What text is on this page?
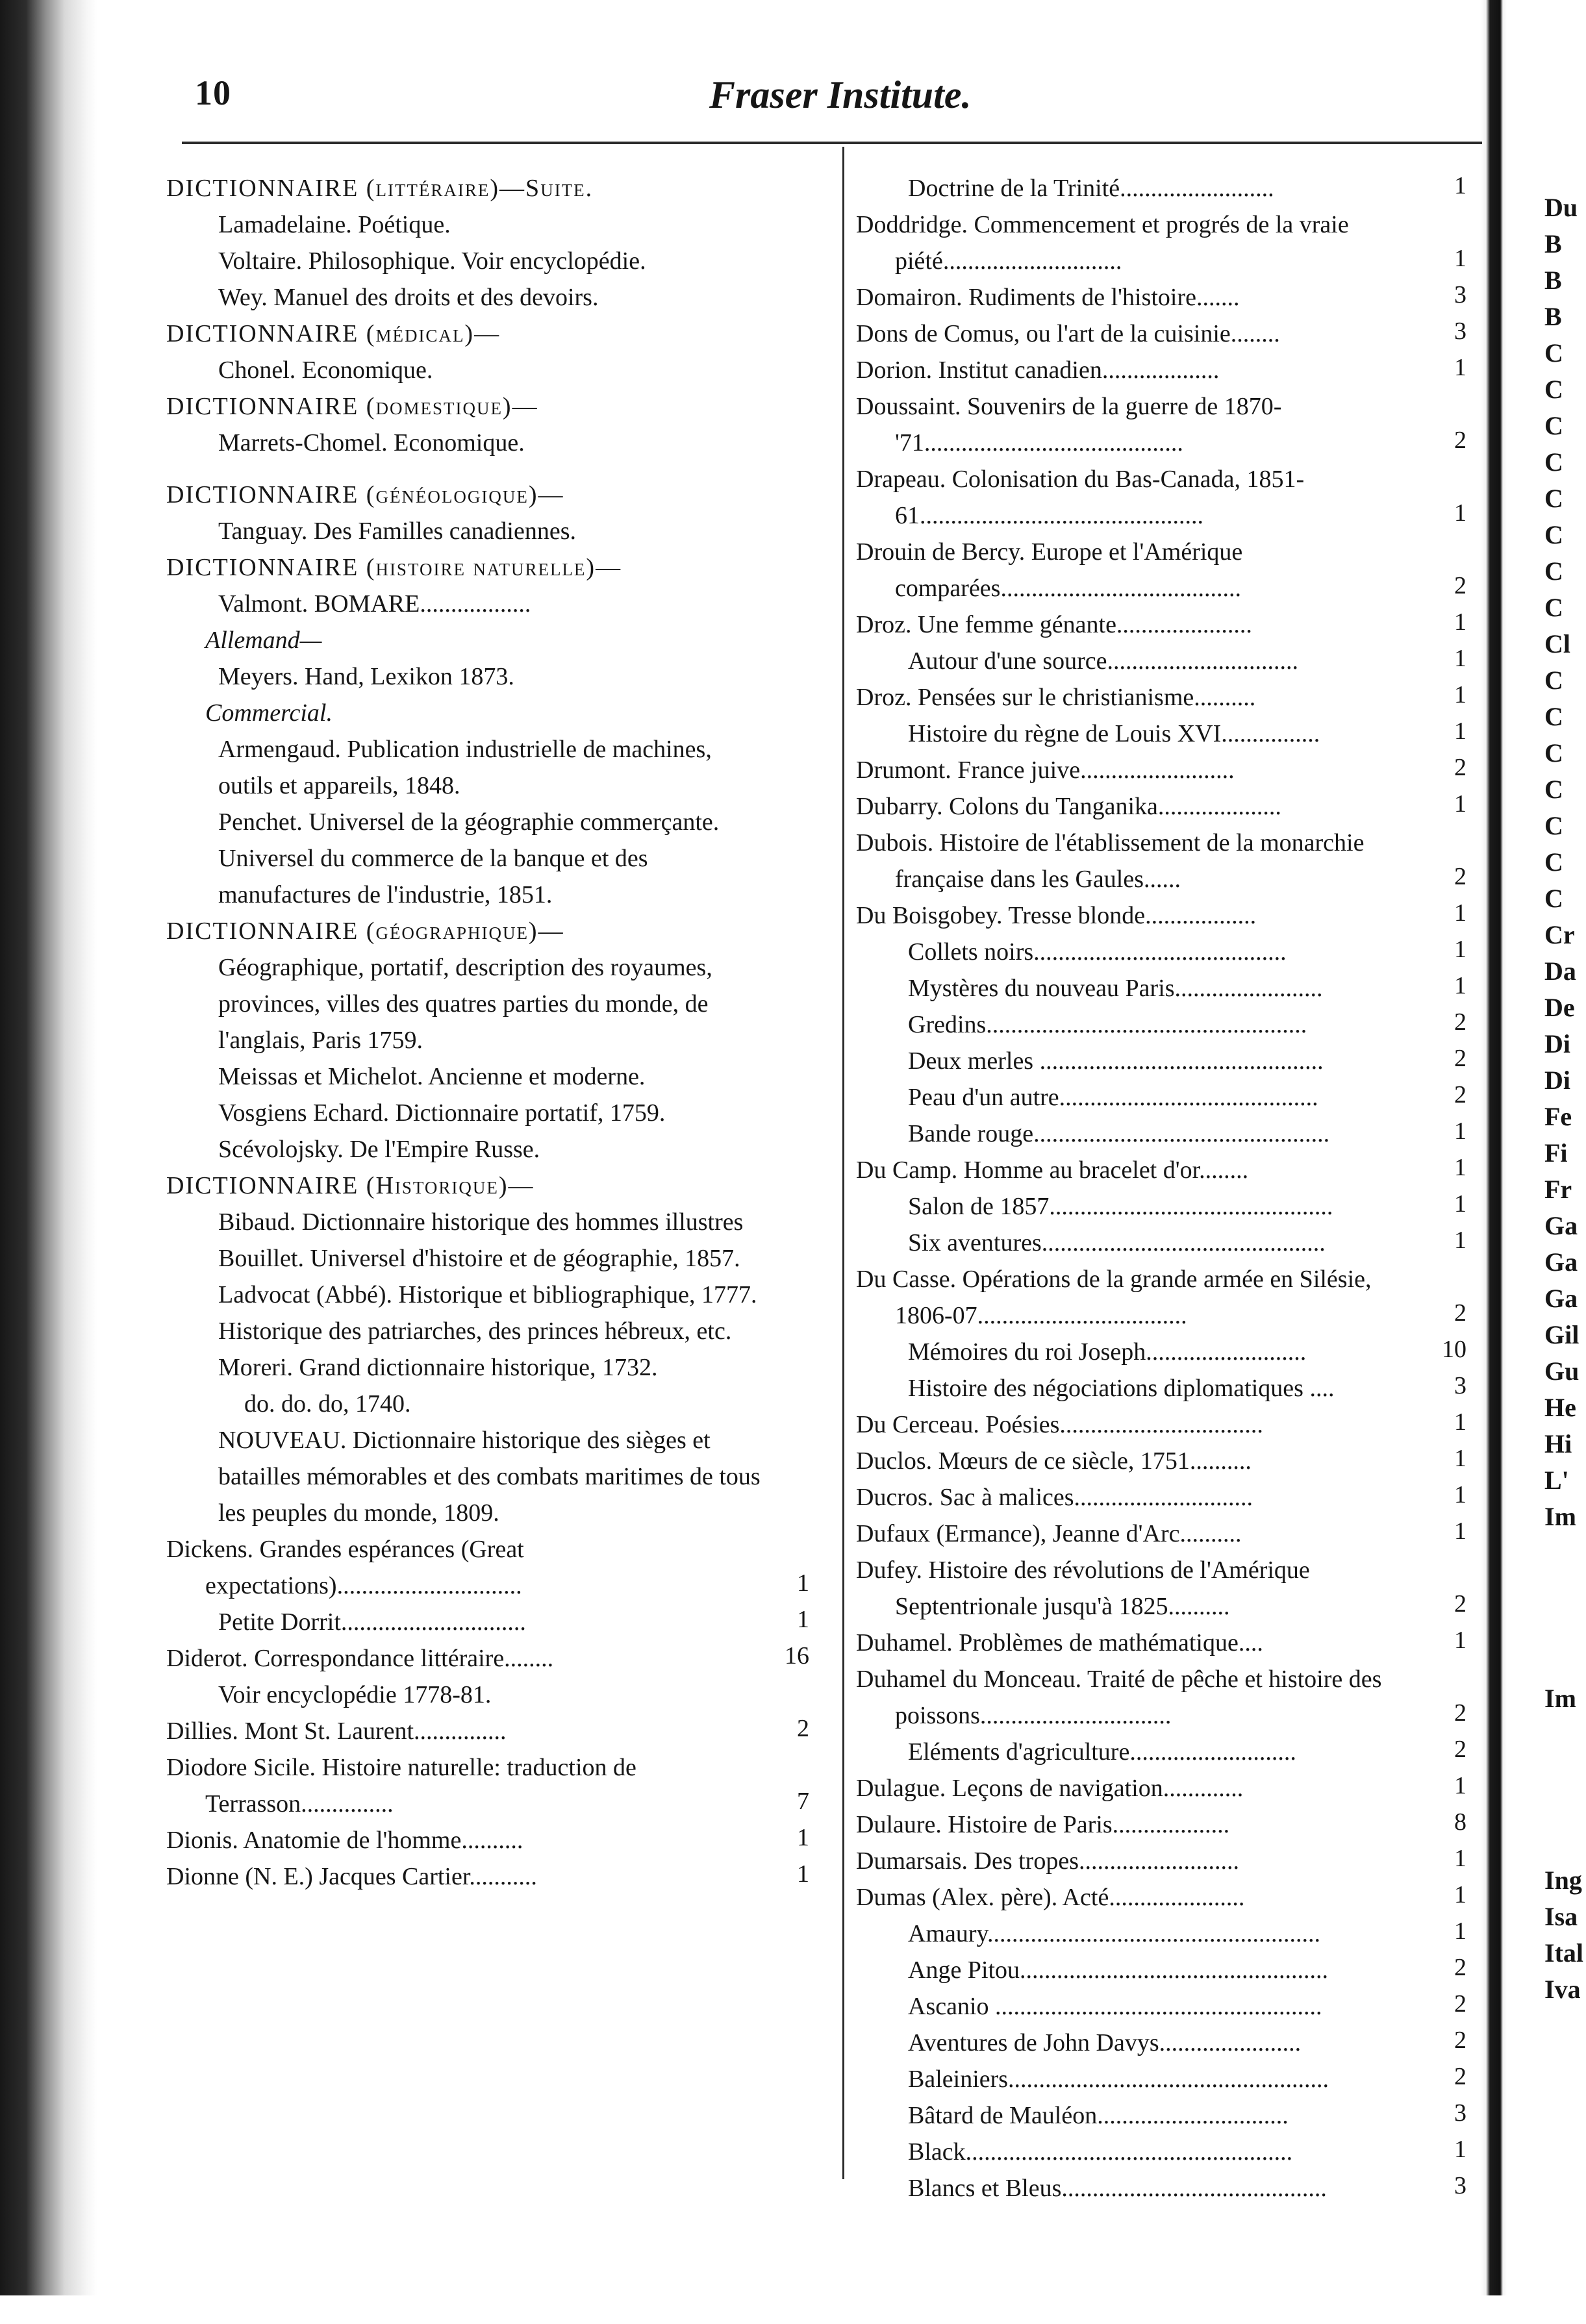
10	Fraser Institute.
DICTIONNAIRE (littéraire)—Suite.
Lamadelaine. Poétique.
Voltaire. Philosophique. Voir encyclopédie.
Wey. Manuel des droits et des devoirs.
DICTIONNAIRE (médical)—
Chonel. Economique.
DICTIONNAIRE (domestique)—
Marrets-Chomel. Economique.
DICTIONNAIRE (généologique)—
Tanguay. Des Familles canadiennes.
DICTIONNAIRE (histoire naturelle)—
Valmont. BOMARE..................
Allemand—
Meyers. Hand, Lexikon 1873.
Commercial.
Armengaud. Publication industrielle de machines, outils et appareils, 1848.
Penchet. Universel de la géographie commerçante.
Universel du commerce de la banque et des manufactures de l'industrie, 1851.
DICTIONNAIRE (géographique)—
Géographique, portatif, description des royaumes, provinces, villes des quatres parties du monde, de l'anglais, Paris 1759.
Meissas et Michelot. Ancienne et moderne.
Vosgiens Echard. Dictionnaire portatif, 1759.
Scévolojsky. De l'Empire Russe.
DICTIONNAIRE (Historique)—
Bibaud. Dictionnaire historique des hommes illustres
Bouillet. Universel d'histoire et de géographie, 1857.
Ladvocat (Abbé). Historique et bibliographique, 1777.
Historique des patriarches, des princes hébreux, etc.
Moreri. Grand dictionnaire historique, 1732.
do. do. do, 1740.
NOUVEAU. Dictionnaire historique des sièges et batailles mémorables et des combats maritimes de tous les peuples du monde, 1809.
Dickens. Grandes espérances (Great expectations)..............................	1
Petite Dorrit..............................	1
Diderot. Correspondance littéraire........	16
Voir encyclopédie 1778-81.
Dillies. Mont St. Laurent...............	2
Diodore Sicile. Histoire naturelle: traduction de Terrasson...............	7
Dionis. Anatomie de l'homme..........	1
Dionne (N. E.) Jacques Cartier...........	1
Doctrine de la Trinité.........................	1
Doddridge. Commencement et progrés de la vraie piété.............................	1
Domairon. Rudiments de l'histoire.......	3
Dons de Comus, ou l'art de la cuisinie........	3
Dorion. Institut canadien...................	1
Doussaint. Souvenirs de la guerre de 1870-'71..........................................	2
Drapeau. Colonisation du Bas-Canada, 1851-61..............................................	1
Drouin de Bercy. Europe et l'Amérique comparées.......................................	2
Droz. Une femme génante......................	1
Autour d'une source...............................	1
Droz. Pensées sur le christianisme..........	1
Histoire du règne de Louis XVI................	1
Drumont. France juive.........................	2
Dubarry. Colons du Tanganika....................	1
Dubois. Histoire de l'établissement de la monarchie française dans les Gaules......	2
Du Boisgobey. Tresse blonde..................	1
Collets noirs.........................................	1
Mystères du nouveau Paris........................	1
Gredins....................................................	2
Deux merles ..............................................	2
Peau d'un autre..........................................	2
Bande rouge................................................	1
Du Camp. Homme au bracelet d'or........	1
Salon de 1857..............................................	1
Six aventures..............................................	1
Du Casse. Opérations de la grande armée en Silésie, 1806-07..................................	2
Mémoires du roi Joseph..........................	10
Histoire des négociations diplomatiques ....	3
Du Cerceau. Poésies.................................	1
Duclos. Mœurs de ce siècle, 1751..........	1
Ducros. Sac à malices.............................	1
Dufaux (Ermance), Jeanne d'Arc..........	1
Dufey. Histoire des révolutions de l'Amérique Septentrionale jusqu'à 1825..........	2
Duhamel. Problèmes de mathématique....	1
Duhamel du Monceau. Traité de pêche et histoire des poissons...............................	2
Eléments d'agriculture...........................	2
Dulague. Leçons de navigation.............	1
Dulaure. Histoire de Paris...................	8
Dumarsais. Des tropes..........................	1
Dumas (Alex. père). Acté......................	1
Amaury......................................................	1
Ange Pitou..................................................	2
Ascanio .....................................................	2
Aventures de John Davys.......................	2
Baleiniers....................................................	2
Bâtard de Mauléon...............................	3
Black.....................................................	1
Blancs et Bleus...........................................	3
Du
B
B
B
C
C
C
C
C
C
C
C
Cl
C
C
C
C
C
C
C
Cr
Da
De
Di
Di
Fe
Fi
Fr
Ga
Ga
Ga
Gil
Gu
He
Hi
L'
Im

Im

Ing
Isa
Ital
Iva
